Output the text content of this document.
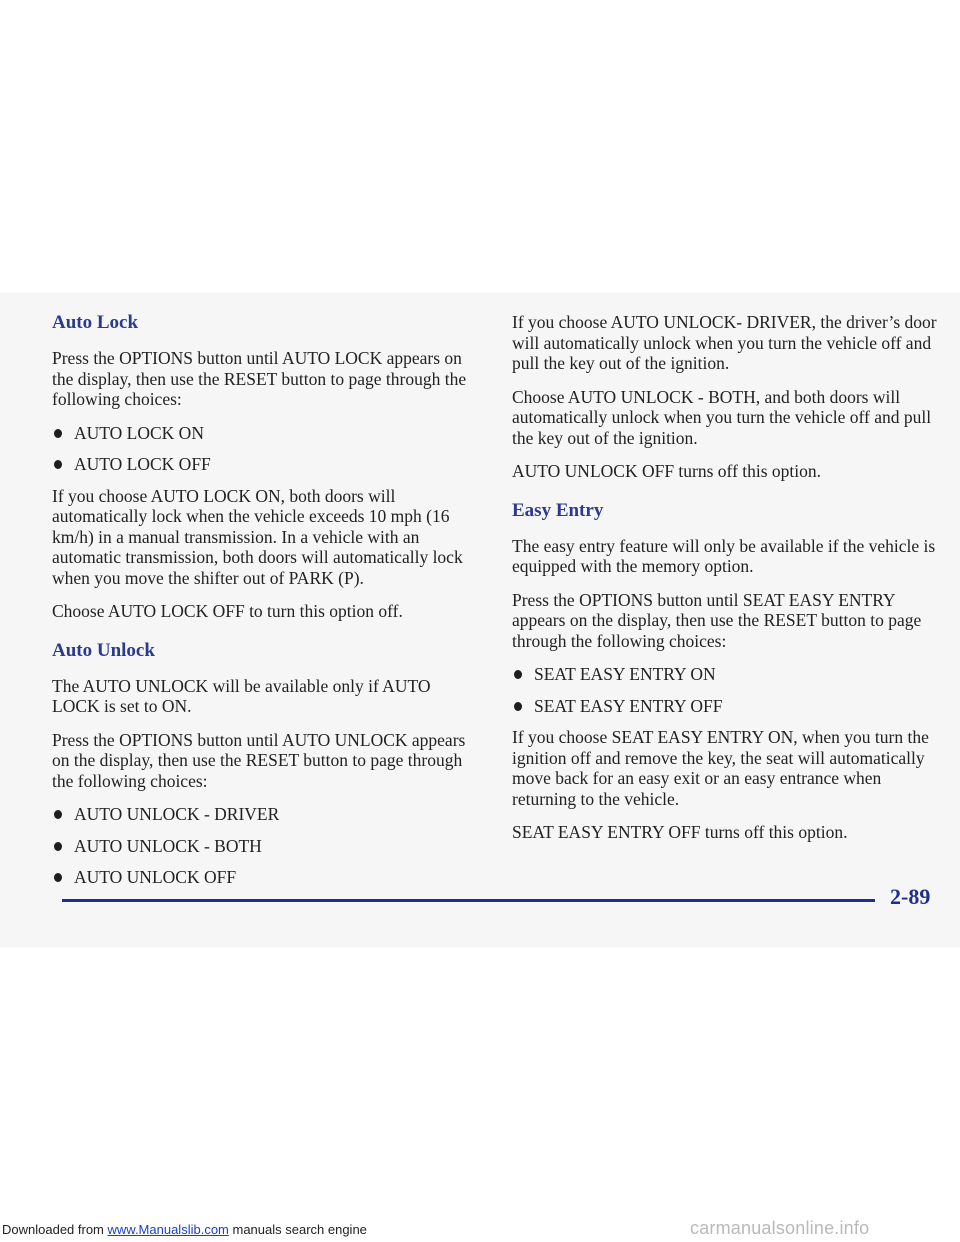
Auto Lock

Press the OPTIONS button until AUTO LOCK appears on the display, then use the RESET button to page through the following choices:

AUTO LOCK ON
AUTO LOCK OFF

If you choose AUTO LOCK ON, both doors will automatically lock when the vehicle exceeds 10 mph (16 km/h) in a manual transmission. In a vehicle with an automatic transmission, both doors will automatically lock when you move the shifter out of PARK (P).

Choose AUTO LOCK OFF to turn this option off.

Auto Unlock

The AUTO UNLOCK will be available only if AUTO LOCK is set to ON.

Press the OPTIONS button until AUTO UNLOCK appears on the display, then use the RESET button to page through the following choices:

AUTO UNLOCK - DRIVER
AUTO UNLOCK - BOTH
AUTO UNLOCK OFF

If you choose AUTO UNLOCK- DRIVER, the driver’s door will automatically unlock when you turn the vehicle off and pull the key out of the ignition.

Choose AUTO UNLOCK - BOTH, and both doors will automatically unlock when you turn the vehicle off and pull the key out of the ignition.

AUTO UNLOCK OFF turns off this option.

Easy Entry

The easy entry feature will only be available if the vehicle is equipped with the memory option.

Press the OPTIONS button until SEAT EASY ENTRY appears on the display, then use the RESET button to page through the following choices:

SEAT EASY ENTRY ON
SEAT EASY ENTRY OFF

If you choose SEAT EASY ENTRY ON, when you turn the ignition off and remove the key, the seat will automatically move back for an easy exit or an easy entrance when returning to the vehicle.

SEAT EASY ENTRY OFF turns off this option.

2-89
Downloaded from www.Manualslib.com manuals search engine	carmanualsonline.info
